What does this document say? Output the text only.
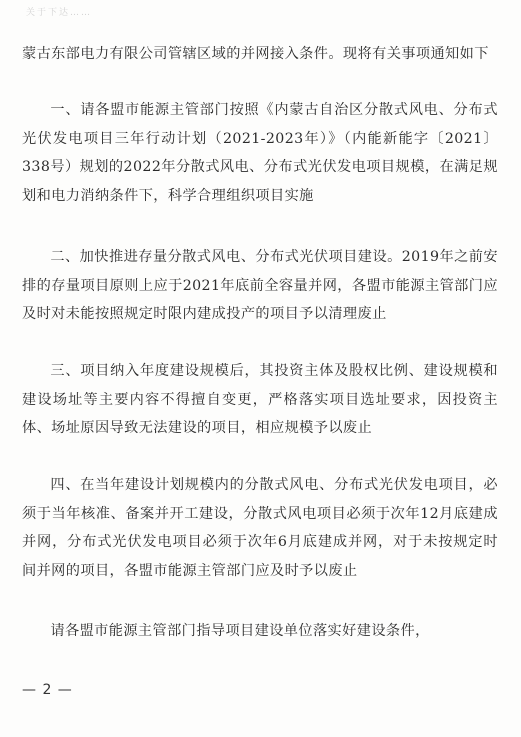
关于下达……

蒙古东部电力有限公司管辖区域的并网接入条件。现将有关事项通知如下

一、请各盟市能源主管部门按照《内蒙古自治区分散式风电、分布式光伏发电项目三年行动计划（2021-2023年）》（内能新能字〔2021〕338号）规划的2022年分散式风电、分布式光伏发电项目规模，在满足规划和电力消纳条件下，科学合理组织项目实施

二、加快推进存量分散式风电、分布式光伏项目建设。2019年之前安排的存量项目原则上应于2021年底前全容量并网，各盟市能源主管部门应及时对未能按照规定时限内建成投产的项目予以清理废止

三、项目纳入年度建设规模后，其投资主体及股权比例、建设规模和建设场址等主要内容不得擅自变更，严格落实项目选址要求，因投资主体、场址原因导致无法建设的项目，相应规模予以废止

四、在当年建设计划规模内的分散式风电、分布式光伏发电项目，必须于当年核准、备案并开工建设，分散式风电项目必须于次年12月底建成并网，分布式光伏发电项目必须于次年6月底建成并网，对于未按规定时间并网的项目，各盟市能源主管部门应及时予以废止

请各盟市能源主管部门指导项目建设单位落实好建设条件，

— 2 —
